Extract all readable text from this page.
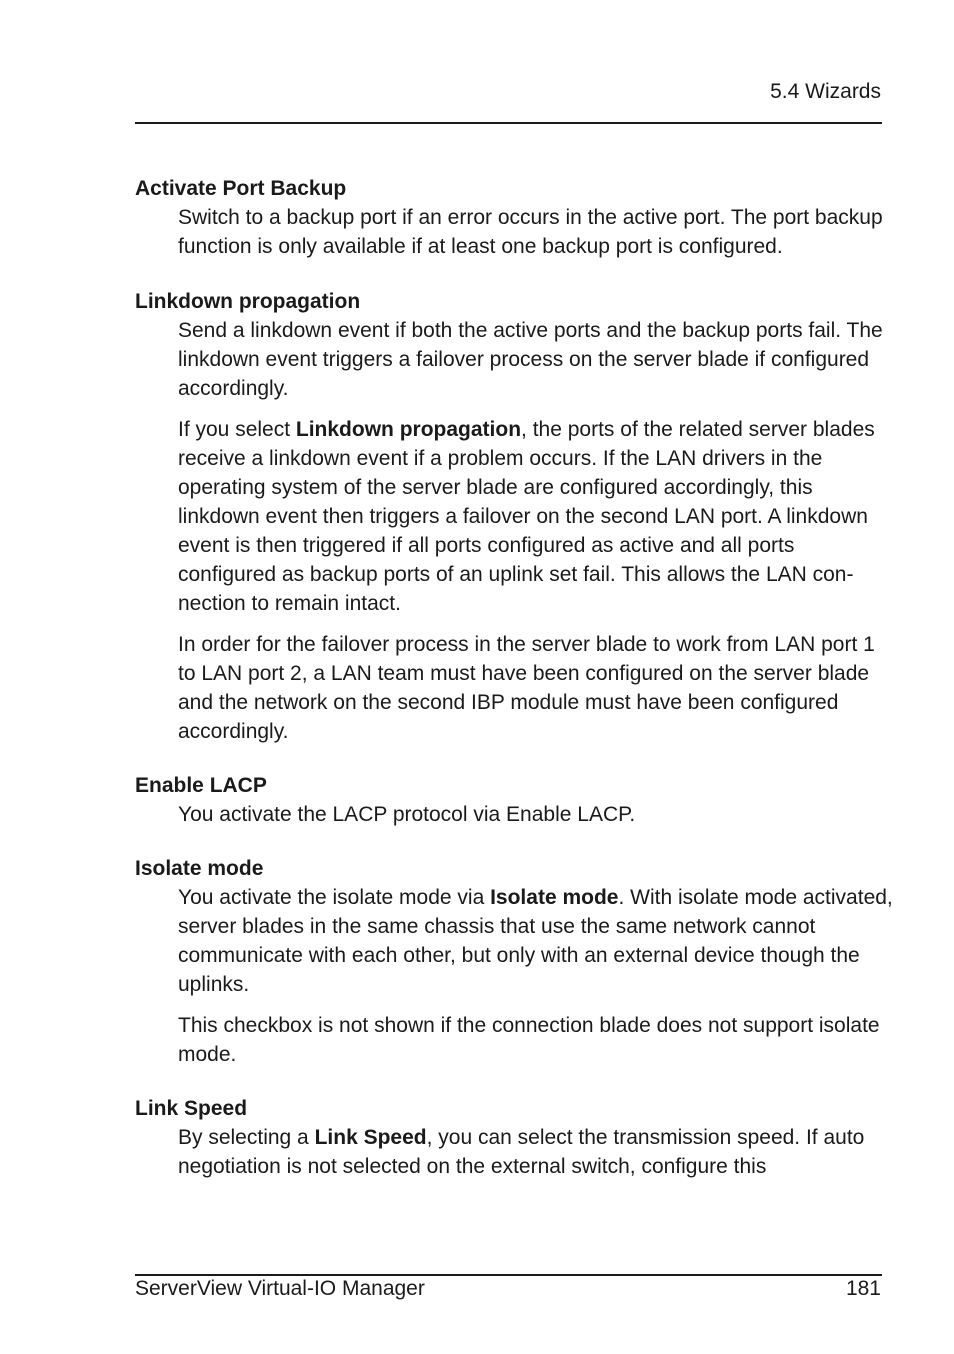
5.4 Wizards

Activate Port Backup

Switch to a backup port if an error occurs in the active port. The port backup function is only available if at least one backup port is configured.

Linkdown propagation

Send a linkdown event if both the active ports and the backup ports fail. The linkdown event triggers a failover process on the server blade if configured accordingly.

If you select Linkdown propagation, the ports of the related server blades receive a linkdown event if a problem occurs. If the LAN drivers in the operating system of the server blade are configured accordingly, this linkdown event then triggers a failover on the second LAN port. A linkdown event is then triggered if all ports configured as active and all ports configured as backup ports of an uplink set fail. This allows the LAN connection to remain intact.

In order for the failover process in the server blade to work from LAN port 1 to LAN port 2, a LAN team must have been configured on the server blade and the network on the second IBP module must have been configured accordingly.

Enable LACP

You activate the LACP protocol via Enable LACP.

Isolate mode

You activate the isolate mode via Isolate mode. With isolate mode activated, server blades in the same chassis that use the same network cannot communicate with each other, but only with an external device though the uplinks.

This checkbox is not shown if the connection blade does not support isolate mode.

Link Speed

By selecting a Link Speed, you can select the transmission speed. If auto negotiation is not selected on the external switch, configure this

ServerView Virtual-IO Manager	181
